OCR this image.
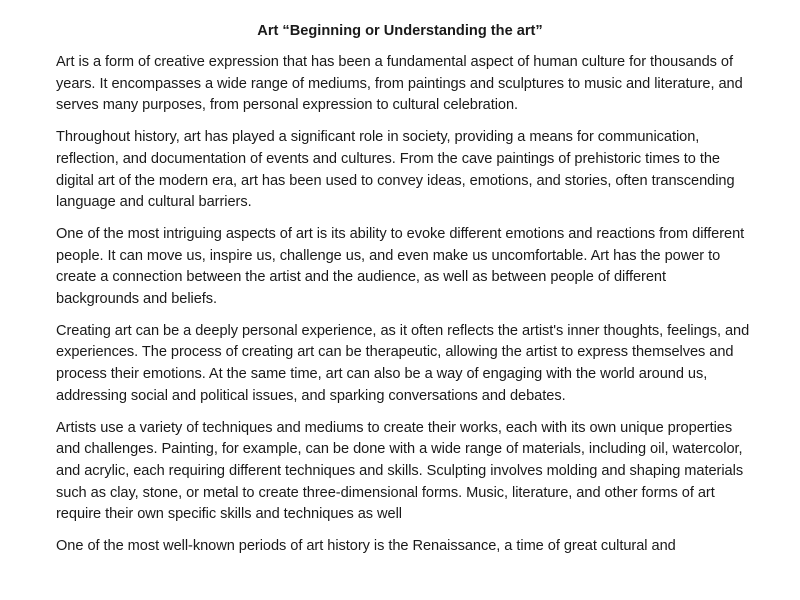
Art “Beginning or Understanding the art”

Art is a form of creative expression that has been a fundamental aspect of human culture for thousands of years. It encompasses a wide range of mediums, from paintings and sculptures to music and literature, and serves many purposes, from personal expression to cultural celebration.

Throughout history, art has played a significant role in society, providing a means for communication, reflection, and documentation of events and cultures. From the cave paintings of prehistoric times to the digital art of the modern era, art has been used to convey ideas, emotions, and stories, often transcending language and cultural barriers.

One of the most intriguing aspects of art is its ability to evoke different emotions and reactions from different people. It can move us, inspire us, challenge us, and even make us uncomfortable. Art has the power to create a connection between the artist and the audience, as well as between people of different backgrounds and beliefs.

Creating art can be a deeply personal experience, as it often reflects the artist's inner thoughts, feelings, and experiences. The process of creating art can be therapeutic, allowing the artist to express themselves and process their emotions. At the same time, art can also be a way of engaging with the world around us, addressing social and political issues, and sparking conversations and debates.

Artists use a variety of techniques and mediums to create their works, each with its own unique properties and challenges. Painting, for example, can be done with a wide range of materials, including oil, watercolor, and acrylic, each requiring different techniques and skills. Sculpting involves molding and shaping materials such as clay, stone, or metal to create three-dimensional forms. Music, literature, and other forms of art require their own specific skills and techniques as well

One of the most well-known periods of art history is the Renaissance, a time of great cultural and
